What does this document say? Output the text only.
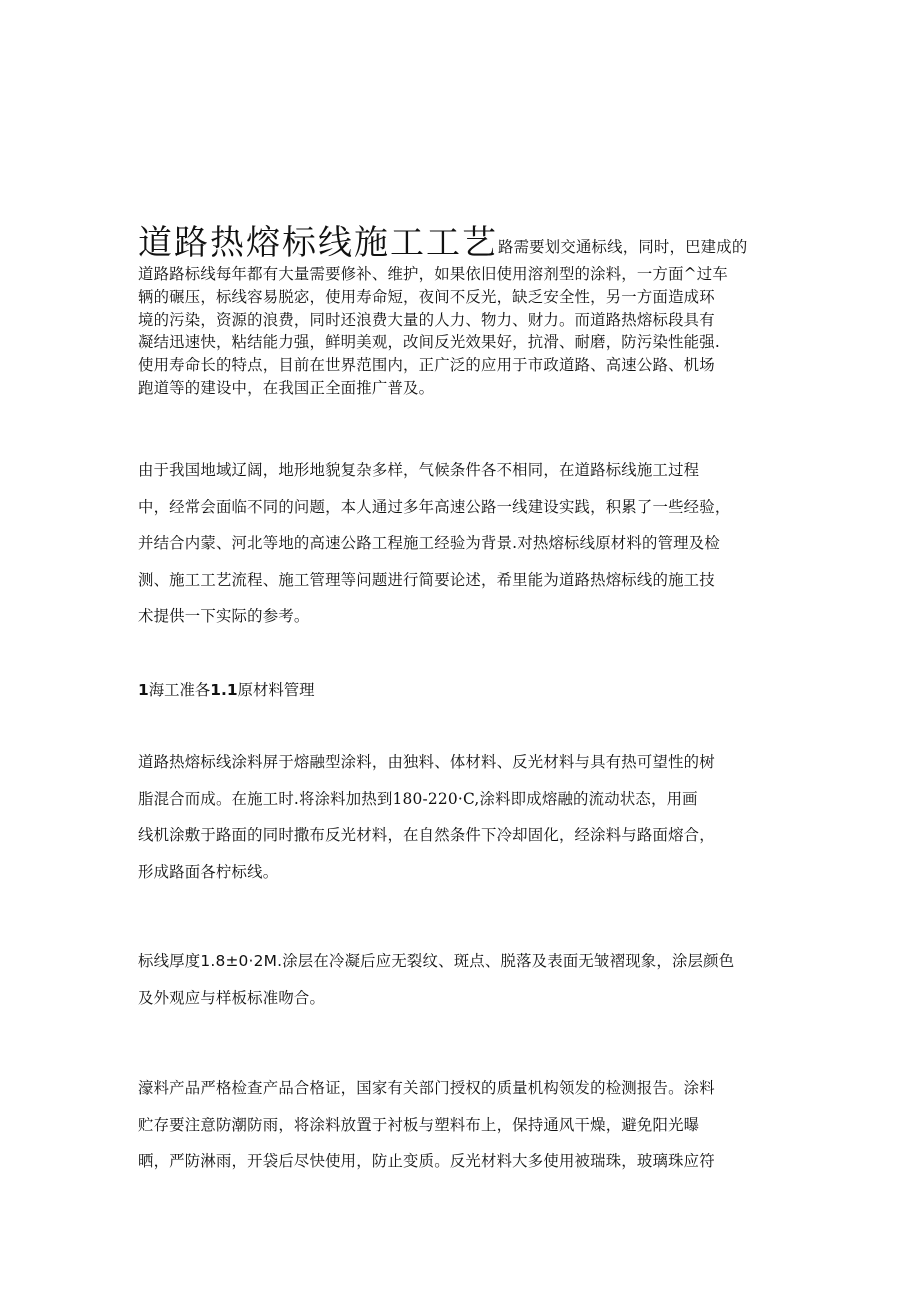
道路热熔标线施工工艺路需要划交通标线，同时，巴建成的
道路路标线每年都有大量需要修补、维护，如果依旧使用溶剂型的涂料，一方面^过车
辆的碾压，标线容易脱宓，使用寿命短，夜间不反光，缺乏安全性，另一方面造成环
境的污染，资源的浪费，同时还浪费大量的人力、物力、财力。而道路热熔标段具有
凝结迅速快，粘结能力强，鲜明美观，改间反光效果好，抗滑、耐磨，防污染性能强.
使用寿命长的特点，目前在世界范围内，正广泛的应用于市政道路、高速公路、机场
跑道等的建设中，在我国正全面推广普及。
由于我国地域辽阔，地形地貌复杂多样，气候条件各不相同，在道路标线施工过程
中，经常会面临不同的问题，本人通过多年高速公路一线建设实践，积累了一些经验，
并结合内蒙、河北等地的高速公路工程施工经验为背景.对热熔标线原材料的管理及检
测、施工工艺流程、施工管理等问题进行简要论述，希里能为道路热熔标线的施工技
术提供一下实际的参考。
1海工准各1.1原材料管理
道路热熔标线涂料屏于熔融型涂料，由独料、体材料、反光材料与具有热可望性的树
脂混合而成。在施工时.将涂料加热到180-220·C,涂料即成熔融的流动状态，用画
线机涂敷于路面的同时撒布反光材料，在自然条件下冷却固化，经涂料与路面熔合，
形成路面各柠标线。
标线厚度1.8±0·2M.涂层在冷凝后应无裂纹、斑点、脱落及表面无皱褶现象，涂层颜色
及外观应与样板标准吻合。
濠料产品严格检查产品合格证，国家有关部门授权的质量机构领发的检测报告。涂料
贮存要注意防潮防雨，将涂料放置于衬板与塑料布上，保持通风干燥，避免阳光曝
晒，严防淋雨，开袋后尽快使用，防止变质。反光材料大多使用被瑞珠，玻璃珠应符
